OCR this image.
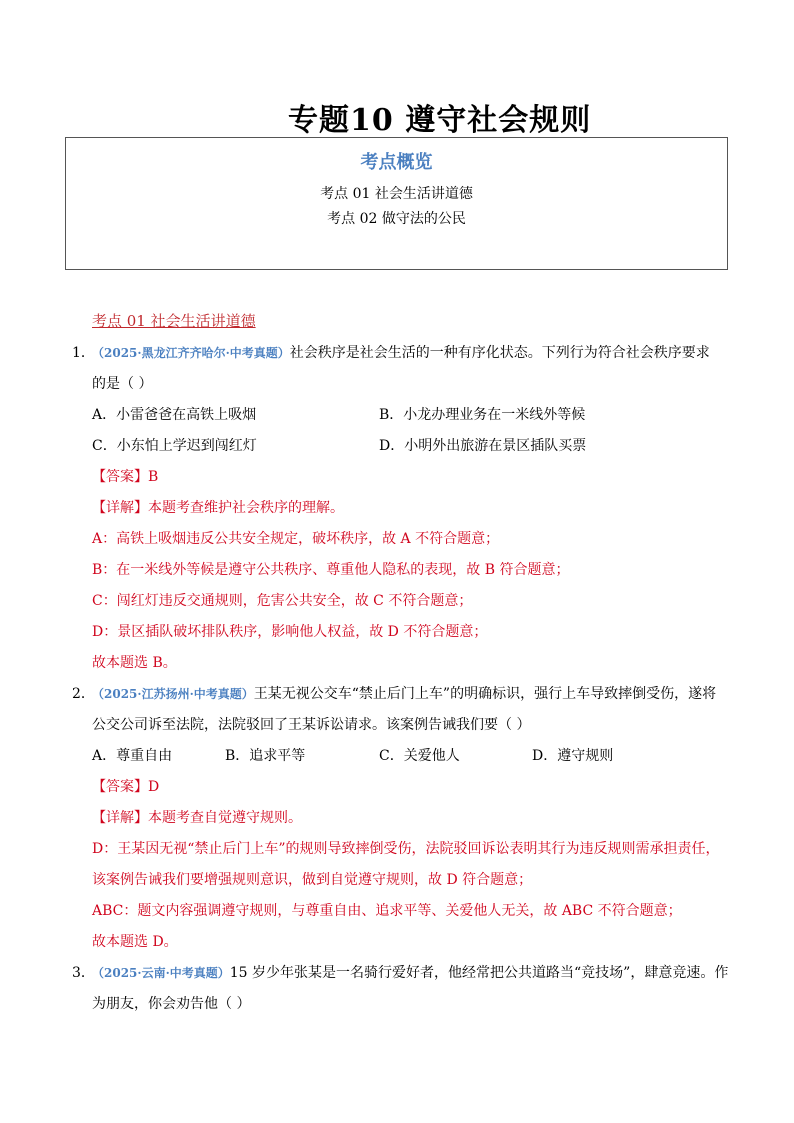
专题10 遵守社会规则
考点概览
考点 01 社会生活讲道德
考点 02 做守法的公民
考点 01 社会生活讲道德
1．
（2025·黑龙江齐齐哈尔·中考真题）社会秩序是社会生活的一种有序化状态。下列行为符合社会秩序要求
的是（ ）
A．小雷爸爸在高铁上吸烟	B．小龙办理业务在一米线外等候
C．小东怕上学迟到闯红灯	D．小明外出旅游在景区插队买票
【答案】B
【详解】本题考查维护社会秩序的理解。
A：高铁上吸烟违反公共安全规定，破坏秩序，故 A 不符合题意；
B：在一米线外等候是遵守公共秩序、尊重他人隐私的表现，故 B 符合题意；
C：闯红灯违反交通规则，危害公共安全，故 C 不符合题意；
D：景区插队破坏排队秩序，影响他人权益，故 D 不符合题意；
故本题选 B。
2．
（2025·江苏扬州·中考真题）王某无视公交车“禁止后门上车”的明确标识，强行上车导致摔倒受伤，遂将
公交公司诉至法院，法院驳回了王某诉讼请求。该案例告诫我们要（ ）
A．尊重自由	B．追求平等	C．关爱他人	D．遵守规则
【答案】D
【详解】本题考查自觉遵守规则。
D：王某因无视“禁止后门上车”的规则导致摔倒受伤，法院驳回诉讼表明其行为违反规则需承担责任，
该案例告诫我们要增强规则意识，做到自觉遵守规则，故 D 符合题意；
ABC：题文内容强调遵守规则，与尊重自由、追求平等、关爱他人无关，故 ABC 不符合题意；
故本题选 D。
3．
（2025·云南·中考真题）15 岁少年张某是一名骑行爱好者，他经常把公共道路当“竞技场”，肆意竞速。作
为朋友，你会劝告他（ ）
